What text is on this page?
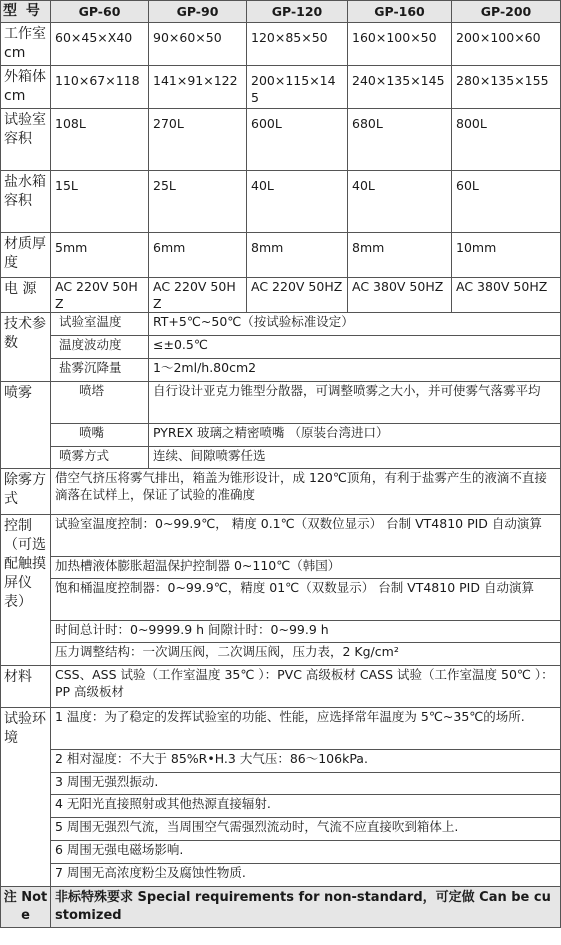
型 号	GP-60	GP-90	GP-120	GP-160	GP-200
工作室 cm	60×45×X40	90×60×50	120×85×50	160×100×50	200×100×60
外箱体 cm	110×67×118	141×91×122	200×115×145	240×135×145	280×135×155
试验室容积	108L	270L	600L	680L	800L
盐水箱容积	15L	25L	40L	40L	60L
材质厚度	5mm	6mm	8mm	8mm	10mm
电 源	AC 220V 50HZ	AC 220V 50HZ	AC 220V 50HZ	AC 380V 50HZ	AC 380V 50HZ
技术参数	试验室温度	RT+5℃~50℃（按试验标准设定）			
	温度波动度	≤±0.5℃			
	盐雾沉降量	1～2ml/h.80cm2			
喷雾	喷塔	自行设计亚克力锥型分散器，可调整喷雾之大小，并可使雾气落雾平均			
	喷嘴	PYREX 玻璃之精密喷嘴 （原装台湾进口）			
	喷雾方式	连续、间隙喷雾任选			
除雾方式	借空气挤压将雾气排出，箱盖为锥形设计，成 120℃顶角，有利于盐雾产生的液滴不直接滴落在试样上，保证了试验的准确度				
控制（可选配触摸屏仪表）	试验室温度控制：0~99.9℃， 精度 0.1℃（双数位显示） 台制 VT4810 PID 自动演算				
	加热槽液体膨胀超温保护控制器 0~110℃（韩国）				
	饱和桶温度控制器：0~99.9℃，精度 01℃（双数显示） 台制 VT4810 PID 自动演算				
	时间总计时：0~9999.9 h 间隙计时：0~99.9 h				
	压力调整结构：一次调压阀，二次调压阀，压力表，2 Kg/cm²				
材料	CSS、ASS 试验（工作室温度 35℃ ）：PVC 高级板材 CASS 试验（工作室温度 50℃ ）：PP 高级板材				
试验环境	1 温度：为了稳定的发挥试验室的功能、性能，应选择常年温度为 5℃~35℃的场所.				
	2 相对湿度：不大于 85%R•H.3 大气压：86～106kPa.				
	3 周围无强烈振动.				
	4 无阳光直接照射或其他热源直接辐射.				
	5 周围无强烈气流，当周围空气需强烈流动时，气流不应直接吹到箱体上.				
	6 周围无强电磁场影响.				
	7 周围无高浓度粉尘及腐蚀性物质.				
注 Note	非标特殊要求 Special requirements for non-standard，可定做 Can be customized				
